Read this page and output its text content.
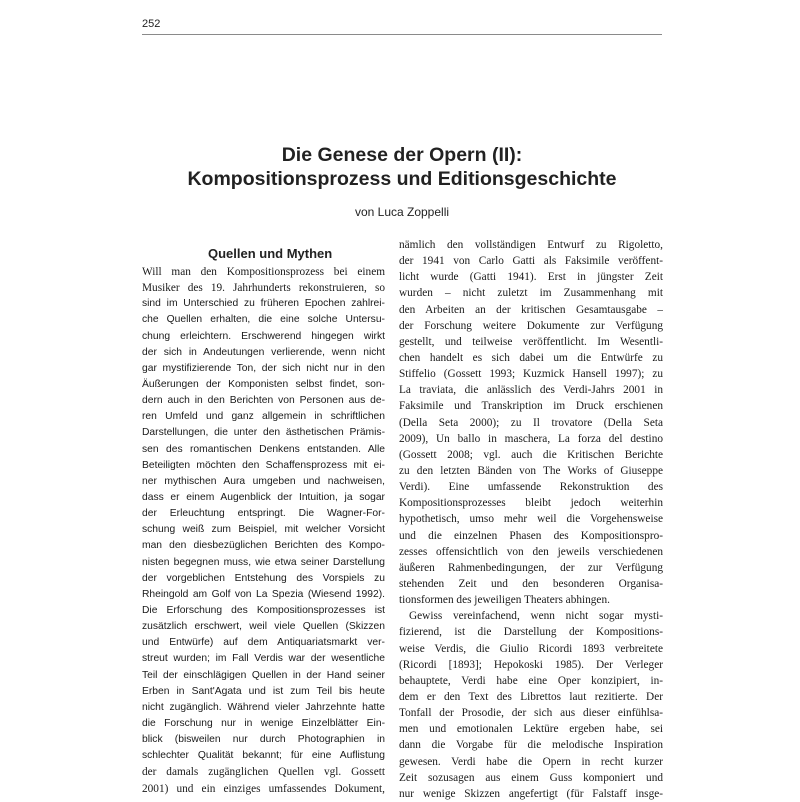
252
Die Genese der Opern (II):
Kompositionsprozess und Editionsgeschichte
von Luca Zoppelli
Quellen und Mythen
Will man den Kompositionsprozess bei einem
Musiker des 19. Jahrhunderts rekonstruieren, so
sind im Unterschied zu früheren Epochen zahlrei-
che Quellen erhalten, die eine solche Untersu-
chung erleichtern. Erschwerend hingegen wirkt
der sich in Andeutungen verlierende, wenn nicht
gar mystifizierende Ton, der sich nicht nur in den
Äußerungen der Komponisten selbst findet, son-
dern auch in den Berichten von Personen aus de-
ren Umfeld und ganz allgemein in schriftlichen
Darstellungen, die unter den ästhetischen Prämis-
sen des romantischen Denkens entstanden. Alle
Beteiligten möchten den Schaffensprozess mit ei-
ner mythischen Aura umgeben und nachweisen,
dass er einem Augenblick der Intuition, ja sogar
der Erleuchtung entspringt. Die Wagner-For-
schung weiß zum Beispiel, mit welcher Vorsicht
man den diesbezüglichen Berichten des Kompo-
nisten begegnen muss, wie etwa seiner Darstellung
der vorgeblichen Entstehung des Vorspiels zu
Rheingold am Golf von La Spezia (Wiesend 1992).
Die Erforschung des Kompositionsprozesses ist
zusätzlich erschwert, weil viele Quellen (Skizzen
und Entwürfe) auf dem Antiquariatsmarkt ver-
streut wurden; im Fall Verdis war der wesentliche
Teil der einschlägigen Quellen in der Hand seiner
Erben in Sant'Agata und ist zum Teil bis heute
nicht zugänglich. Während vieler Jahrzehnte hatte
die Forschung nur in wenige Einzelblätter Ein-
blick (bisweilen nur durch Photographien in
schlechter Qualität bekannt; für eine Auflistung
der damals zugänglichen Quellen vgl. Gossett
2001) und ein einziges umfassendes Dokument,
nämlich den vollständigen Entwurf zu Rigoletto,
der 1941 von Carlo Gatti als Faksimile veröffent-
licht wurde (Gatti 1941). Erst in jüngster Zeit
wurden – nicht zuletzt im Zusammenhang mit
den Arbeiten an der kritischen Gesamtausgabe –
der Forschung weitere Dokumente zur Verfügung
gestellt, und teilweise veröffentlicht. Im Wesentli-
chen handelt es sich dabei um die Entwürfe zu
Stiffelio (Gossett 1993; Kuzmick Hansell 1997); zu
La traviata, die anlässlich des Verdi-Jahrs 2001 in
Faksimile und Transkription im Druck erschienen
(Della Seta 2000); zu Il trovatore (Della Seta
2009), Un ballo in maschera, La forza del destino
(Gossett 2008; vgl. auch die Kritischen Berichte
zu den letzten Bänden von The Works of Giuseppe
Verdi). Eine umfassende Rekonstruktion des
Kompositionsprozesses bleibt jedoch weiterhin
hypothetisch, umso mehr weil die Vorgehensweise
und die einzelnen Phasen des Kompositionspro-
zesses offensichtlich von den jeweils verschiedenen
äußeren Rahmenbedingungen, der zur Verfügung
stehenden Zeit und den besonderen Organisa-
tionsformen des jeweiligen Theaters abhingen.
Gewiss vereinfachend, wenn nicht sogar mysti-
fizierend, ist die Darstellung der Kompositions-
weise Verdis, die Giulio Ricordi 1893 verbreitete
(Ricordi [1893]; Hepokoski 1985). Der Verleger
behauptete, Verdi habe eine Oper konzipiert, in-
dem er den Text des Librettos laut rezitierte. Der
Tonfall der Prosodie, der sich aus dieser einfühlsa-
men und emotionalen Lektüre ergeben habe, sei
dann die Vorgabe für die melodische Inspiration
gewesen. Verdi habe die Opern in recht kurzer
Zeit sozusagen aus einem Guss komponiert und
nur wenige Skizzen angefertigt (für Falstaff insge-
